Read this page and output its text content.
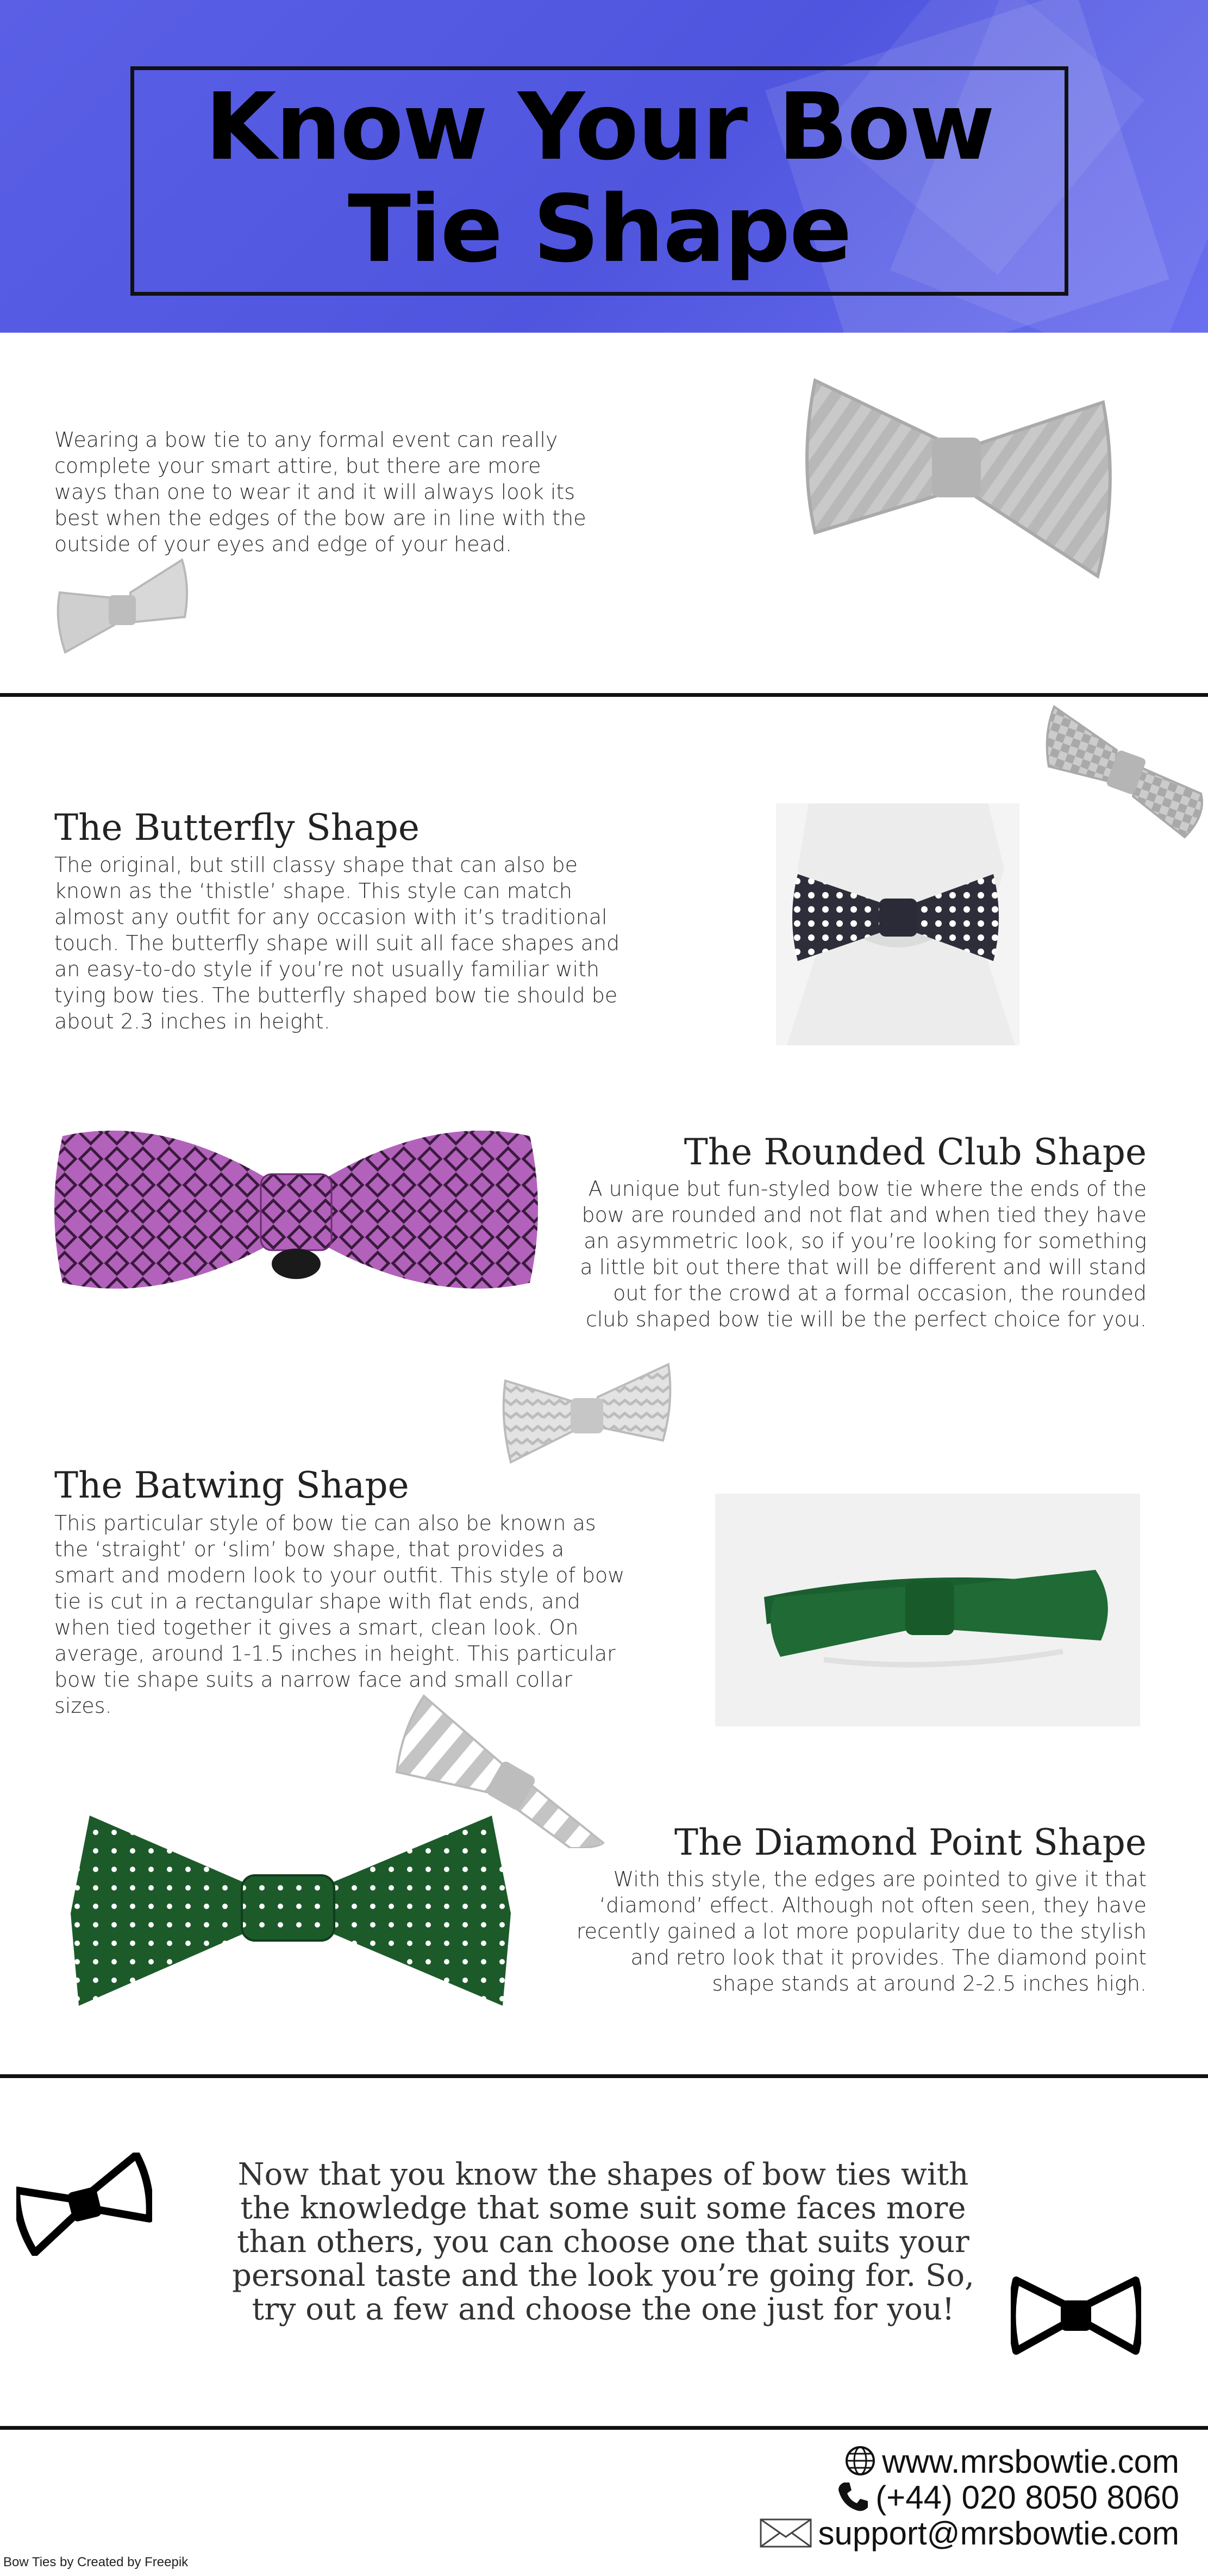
Know Your Bow
Tie Shape
Wearing a bow tie to any formal event can really complete your smart attire, but there are more ways than one to wear it and it will always look its best when the edges of the bow are in line with the outside of your eyes and edge of your head.
The Butterfly Shape
The original, but still classy shape that can also be known as the ‘thistle’ shape. This style can match almost any outfit for any occasion with it’s traditional touch. The butterfly shape will suit all face shapes and an easy-to-do style if you’re not usually familiar with tying bow ties. The butterfly shaped bow tie should be about 2.3 inches in height.
The Rounded Club Shape
A unique but fun-styled bow tie where the ends of the bow are rounded and not flat and when tied they have an asymmetric look, so if you’re looking for something a little bit out there that will be different and will stand out for the crowd at a formal occasion, the rounded club shaped bow tie will be the perfect choice for you.
The Batwing Shape
This particular style of bow tie can also be known as the ‘straight’ or ‘slim’ bow shape, that provides a smart and modern look to your outfit. This style of bow tie is cut in a rectangular shape with flat ends, and when tied together it gives a smart, clean look. On average, around 1-1.5 inches in height. This particular bow tie shape suits a narrow face and small collar sizes.
The Diamond Point Shape
With this style, the edges are pointed to give it that ‘diamond’ effect. Although not often seen, they have recently gained a lot more popularity due to the stylish and retro look that it provides. The diamond point shape stands at around 2-2.5 inches high.
Now that you know the shapes of bow ties with the knowledge that some suit some faces more than others, you can choose one that suits your personal taste and the look you’re going for. So, try out a few and choose the one just for you!
www.mrsbowtie.com
(+44) 020 8050 8060
support@mrsbowtie.com
Bow Ties by Created by Freepik
